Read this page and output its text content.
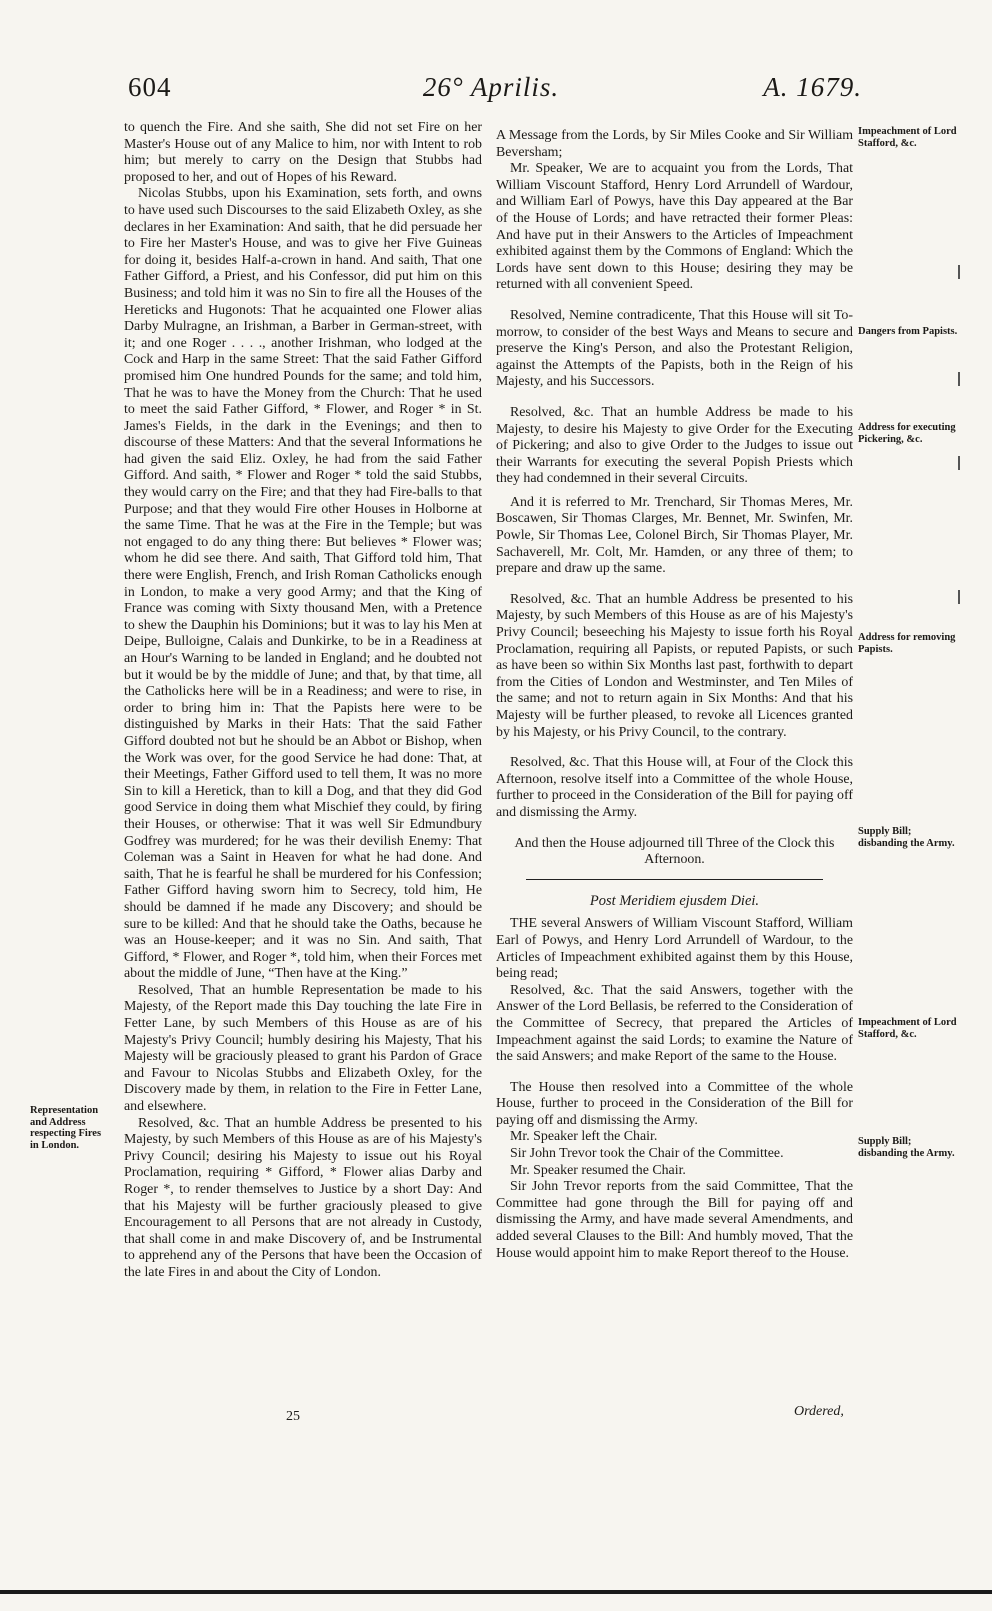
604	26° Aprilis.	A. 1679.

to quench the Fire. And she saith, She did not set Fire on her Master's House out of any Malice to him, nor with Intent to rob him; but merely to carry on the Design that Stubbs had proposed to her, and out of Hopes of his Reward.

Nicolas Stubbs, upon his Examination, sets forth, and owns to have used such Discourses to the said Elizabeth Oxley, as she declares in her Examination: And saith, that he did persuade her to Fire her Master's House, and was to give her Five Guineas for doing it, besides Half-a-crown in hand. And saith, That one Father Gifford, a Priest, and his Confessor, did put him on this Business; and told him it was no Sin to fire all the Houses of the Hereticks and Hugonots: That he acquainted one Flower alias Darby Mulragne, an Irishman, a Barber in German-street, with it; and one Roger . . . ., another Irishman, who lodged at the Cock and Harp in the same Street: That the said Father Gifford promised him One hundred Pounds for the same; and told him, That he was to have the Money from the Church: That he used to meet the said Father Gifford, * Flower, and Roger * in St. James's Fields, in the dark in the Evenings; and then to discourse of these Matters: And that the several Informations he had given the said Eliz. Oxley, he had from the said Father Gifford. And saith, * Flower and Roger * told the said Stubbs, they would carry on the Fire; and that they had Fire-balls to that Purpose; and that they would Fire other Houses in Holborne at the same Time. That he was at the Fire in the Temple; but was not engaged to do any thing there: But believes * Flower was; whom he did see there. And saith, That Gifford told him, That there were English, French, and Irish Roman Catholicks enough in London, to make a very good Army; and that the King of France was coming with Sixty thousand Men, with a Pretence to shew the Dauphin his Dominions; but it was to lay his Men at Deipe, Bulloigne, Calais and Dunkirke, to be in a Readiness at an Hour's Warning to be landed in England; and he doubted not but it would be by the middle of June; and that, by that time, all the Catholicks here will be in a Readiness; and were to rise, in order to bring him in: That the Papists here were to be distinguished by Marks in their Hats: That the said Father Gifford doubted not but he should be an Abbot or Bishop, when the Work was over, for the good Service he had done: That, at their Meetings, Father Gifford used to tell them, It was no more Sin to kill a Heretick, than to kill a Dog, and that they did God good Service in doing them what Mischief they could, by firing their Houses, or otherwise: That it was well Sir Edmundbury Godfrey was murdered; for he was their devilish Enemy: That Coleman was a Saint in Heaven for what he had done. And saith, That he is fearful he shall be murdered for his Confession; Father Gifford having sworn him to Secrecy, told him, He should be damned if he made any Discovery; and should be sure to be killed: And that he should take the Oaths, because he was an House-keeper; and it was no Sin. And saith, That Gifford, * Flower, and Roger *, told him, when their Forces met about the middle of June, “Then have at the King.”

Resolved, That an humble Representation be made to his Majesty, of the Report made this Day touching the late Fire in Fetter Lane, by such Members of this House as are of his Majesty's Privy Council; humbly desiring his Majesty, That his Majesty will be graciously pleased to grant his Pardon of Grace and Favour to Nicolas Stubbs and Elizabeth Oxley, for the Discovery made by them, in relation to the Fire in Fetter Lane, and elsewhere.

Resolved, &c. That an humble Address be presented to his Majesty, by such Members of this House as are of his Majesty's Privy Council; desiring his Majesty to issue out his Royal Proclamation, requiring * Gifford, * Flower alias Darby and Roger *, to render themselves to Justice by a short Day: And that his Majesty will be further graciously pleased to give Encouragement to all Persons that are not already in Custody, that shall come in and make Discovery of, and be Instrumental to apprehend any of the Persons that have been the Occasion of the late Fires in and about the City of London.

A Message from the Lords, by Sir Miles Cooke and Sir William Beversham;

Mr. Speaker, We are to acquaint you from the Lords, That William Viscount Stafford, Henry Lord Arrundell of Wardour, and William Earl of Powys, have this Day appeared at the Bar of the House of Lords; and have retracted their former Pleas: And have put in their Answers to the Articles of Impeachment exhibited against them by the Commons of England: Which the Lords have sent down to this House; desiring they may be returned with all convenient Speed.

Resolved, Nemine contradicente, That this House will sit To-morrow, to consider of the best Ways and Means to secure and preserve the King's Person, and also the Protestant Religion, against the Attempts of the Papists, both in the Reign of his Majesty, and his Successors.

Resolved, &c. That an humble Address be made to his Majesty, to desire his Majesty to give Order for the Executing of Pickering; and also to give Order to the Judges to issue out their Warrants for executing the several Popish Priests which they had condemned in their several Circuits.

And it is referred to Mr. Trenchard, Sir Thomas Meres, Mr. Boscawen, Sir Thomas Clarges, Mr. Bennet, Mr. Swinfen, Mr. Powle, Sir Thomas Lee, Colonel Birch, Sir Thomas Player, Mr. Sachaverell, Mr. Colt, Mr. Hamden, or any three of them; to prepare and draw up the same.

Resolved, &c. That an humble Address be presented to his Majesty, by such Members of this House as are of his Majesty's Privy Council; beseeching his Majesty to issue forth his Royal Proclamation, requiring all Papists, or reputed Papists, or such as have been so within Six Months last past, forthwith to depart from the Cities of London and Westminster, and Ten Miles of the same; and not to return again in Six Months: And that his Majesty will be further pleased, to revoke all Licences granted by his Majesty, or his Privy Council, to the contrary.

Resolved, &c. That this House will, at Four of the Clock this Afternoon, resolve itself into a Committee of the whole House, further to proceed in the Consideration of the Bill for paying off and dismissing the Army.

And then the House adjourned till Three of the Clock this Afternoon.

Post Meridiem ejusdem Diei.

THE several Answers of William Viscount Stafford, William Earl of Powys, and Henry Lord Arrundell of Wardour, to the Articles of Impeachment exhibited against them by this House, being read;

Resolved, &c. That the said Answers, together with the Answer of the Lord Bellasis, be referred to the Consideration of the Committee of Secrecy, that prepared the Articles of Impeachment against the said Lords; to examine the Nature of the said Answers; and make Report of the same to the House.

The House then resolved into a Committee of the whole House, further to proceed in the Consideration of the Bill for paying off and dismissing the Army.

Mr. Speaker left the Chair.

Sir John Trevor took the Chair of the Committee.

Mr. Speaker resumed the Chair.

Sir John Trevor reports from the said Committee, That the Committee had gone through the Bill for paying off and dismissing the Army, and have made several Amendments, and added several Clauses to the Bill: And humbly moved, That the House would appoint him to make Report thereof to the House.

Representation and Address respecting Fires in London.
Impeachment of Lord Stafford, &c.
Dangers from Papists.
Address for executing Pickering, &c.
Address for removing Papists.
Supply Bill; disbanding the Army.
Impeachment of Lord Stafford, &c.
Supply Bill; disbanding the Army.
25	Ordered,
